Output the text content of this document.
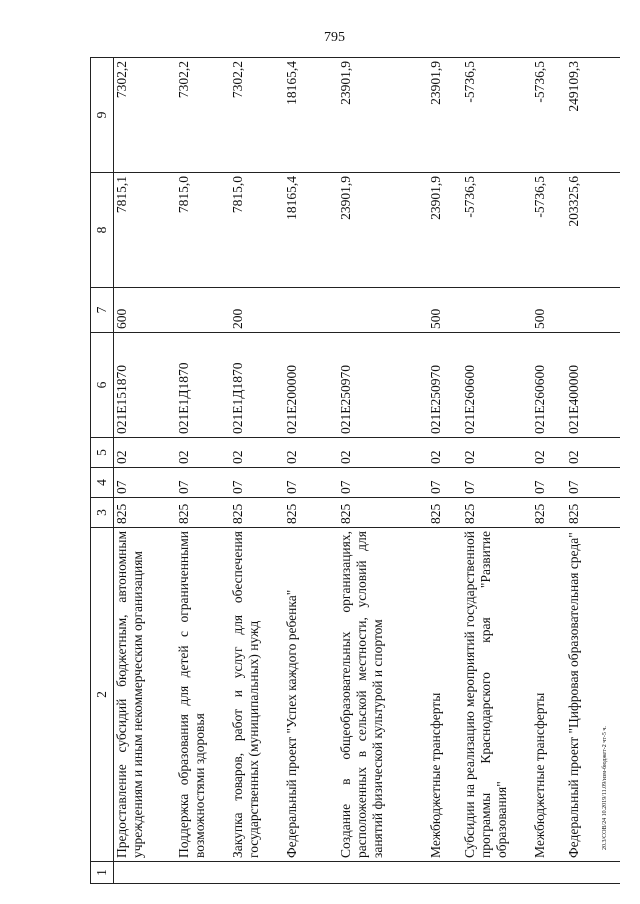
795
20.3/СОВ/24 10.2019/11.09/изм-бюджет-2 чт-5 ч.
1	2	3	4	5	6	7	8	9
	Предоставление субсидий бюджетным, автономным учреждениям и иным некоммерческим организациям	825	07	02	021E151870	600	7815,1	7302,2
	Поддержка образования для детей с ограниченными возможностями здоровья	825	07	02	021E1Д1870		7815,0	7302,2
	Закупка товаров, работ и услуг для обеспечения государственных (муниципальных) нужд	825	07	02	021E1Д1870	200	7815,0	7302,2
	Федеральный проект "Успех каждого ребенка"	825	07	02	021E200000		18165,4	18165,4
	Создание в общеобразовательных организациях, расположенных в сельской местности, условий для занятий физической культурой и спортом	825	07	02	021E250970		23901,9	23901,9
	Межбюджетные трансферты	825	07	02	021E250970	500	23901,9	23901,9
	Субсидии на реализацию мероприятий государственной программы Краснодарского края "Развитие образования"	825	07	02	021E260600		-5736,5	-5736,5
	Межбюджетные трансферты	825	07	02	021E260600	500	-5736,5	-5736,5
	Федеральный проект "Цифровая образовательная среда"	825	07	02	021E400000		203325,6	249109,3
